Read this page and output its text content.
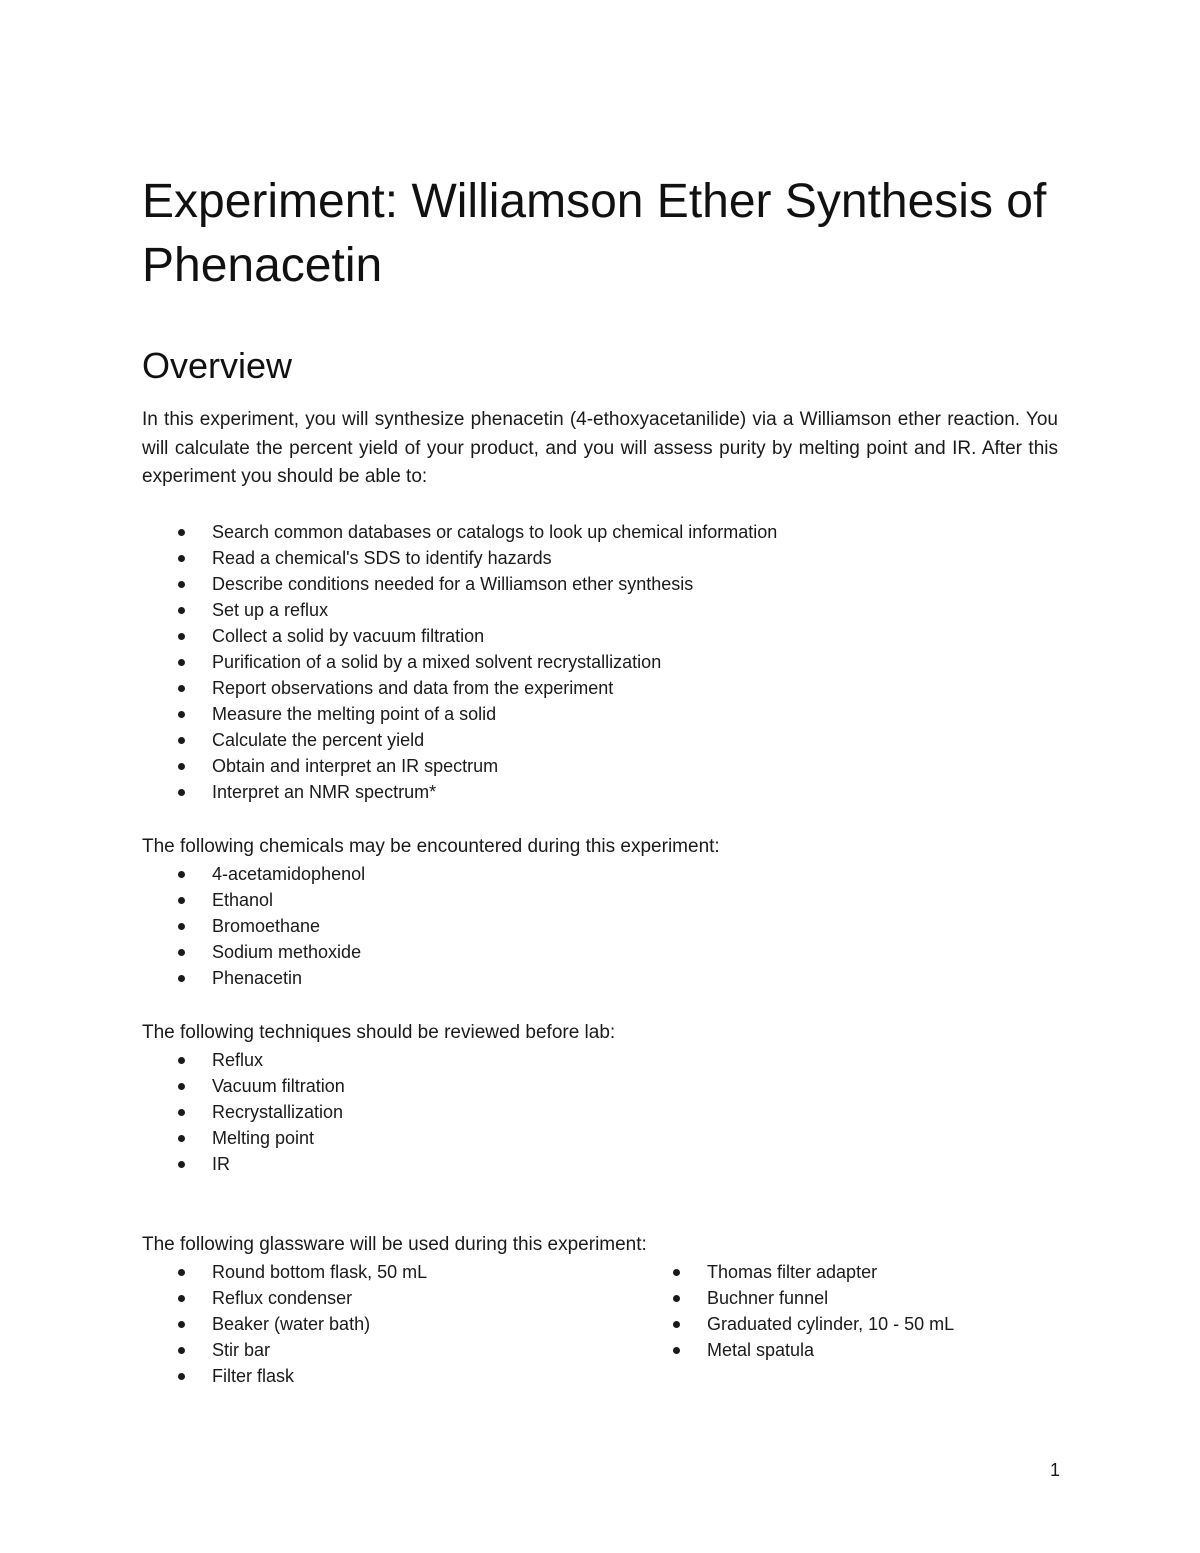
Experiment: Williamson Ether Synthesis of Phenacetin
Overview

In this experiment, you will synthesize phenacetin (4-ethoxyacetanilide) via a Williamson ether reaction. You will calculate the percent yield of your product, and you will assess purity by melting point and IR. After this experiment you should be able to:

Search common databases or catalogs to look up chemical information
Read a chemical's SDS to identify hazards
Describe conditions needed for a Williamson ether synthesis
Set up a reflux
Collect a solid by vacuum filtration
Purification of a solid by a mixed solvent recrystallization
Report observations and data from the experiment
Measure the melting point of a solid
Calculate the percent yield
Obtain and interpret an IR spectrum
Interpret an NMR spectrum*

The following chemicals may be encountered during this experiment:

4-acetamidophenol
Ethanol
Bromoethane
Sodium methoxide
Phenacetin

The following techniques should be reviewed before lab:

Reflux
Vacuum filtration
Recrystallization
Melting point
IR

The following glassware will be used during this experiment:

Round bottom flask, 50 mL
Reflux condenser
Beaker (water bath)
Stir bar
Filter flask
Thomas filter adapter
Buchner funnel
Graduated cylinder, 10 - 50 mL
Metal spatula
1
